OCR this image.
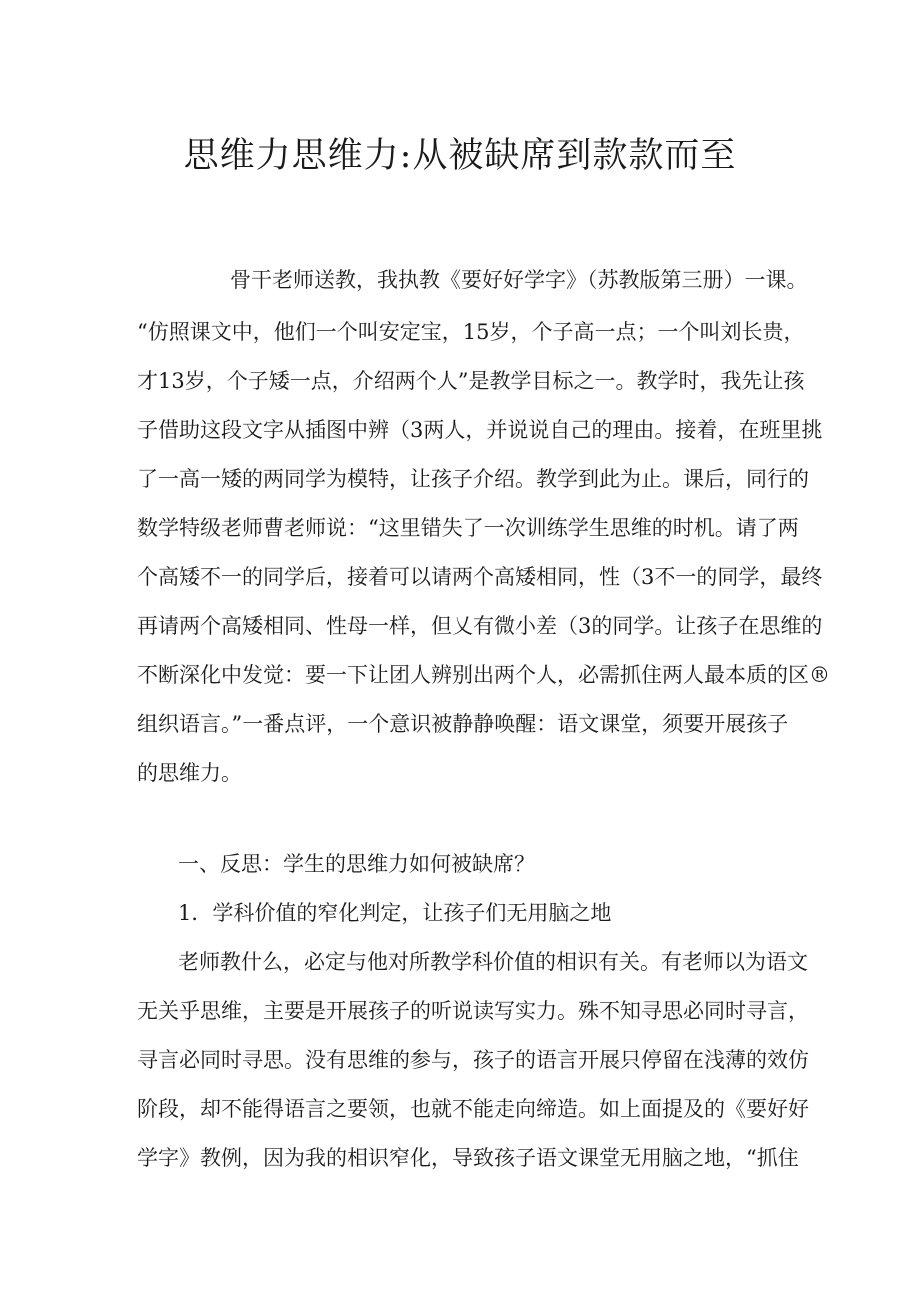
思维力思维力:从被缺席到款款而至
骨干老师送教，我执教《要好好学字》（苏教版第三册）一课。
“仿照课文中，他们一个叫安定宝，15岁，个子高一点；一个叫刘长贵，
才13岁，个子矮一点，介绍两个人”是教学目标之一。教学时，我先让孩
子借助这段文字从插图中辨（3两人，并说说自己的理由。接着，在班里挑
了一高一矮的两同学为模特，让孩子介绍。教学到此为止。课后，同行的
数学特级老师曹老师说：“这里错失了一次训练学生思维的时机。请了两
个高矮不一的同学后，接着可以请两个高矮相同，性（3不一的同学，最终
再请两个高矮相同、性母一样，但乂有微小差（3的同学。让孩子在思维的
不断深化中发觉：要一下让团人辨别出两个人，必需抓住两人最本质的区®
组织语言。”一番点评，一个意识被静静唤醒：语文课堂，须要开展孩子
的思维力。
一、反思：学生的思维力如何被缺席？
1．学科价值的窄化判定，让孩子们无用脑之地
老师教什么，必定与他对所教学科价值的相识有关。有老师以为语文
无关乎思维，主要是开展孩子的听说读写实力。殊不知寻思必同时寻言，
寻言必同时寻思。没有思维的参与，孩子的语言开展只停留在浅薄的效仿
阶段，却不能得语言之要领，也就不能走向缔造。如上面提及的《要好好
学字》教例，因为我的相识窄化，导致孩子语文课堂无用脑之地，“抓住
